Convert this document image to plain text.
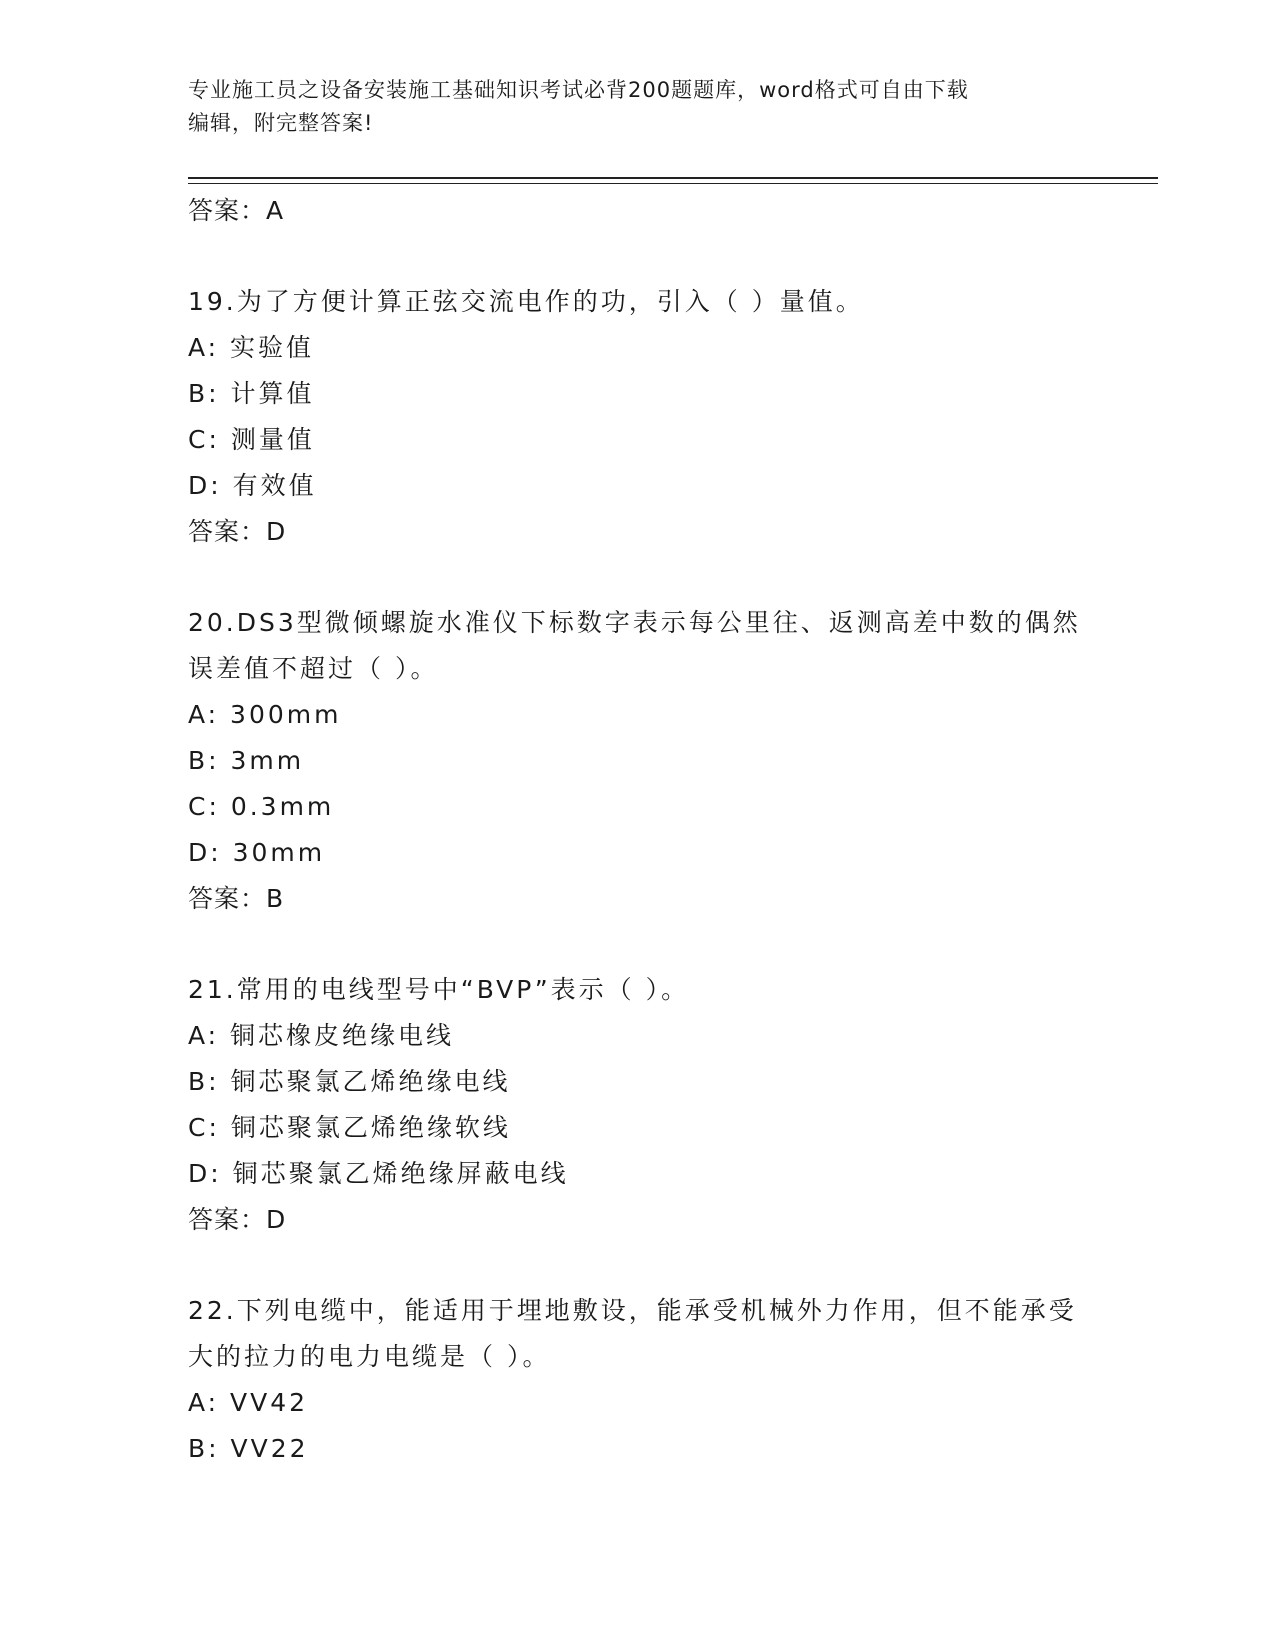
专业施工员之设备安装施工基础知识考试必背200题题库，word格式可自由下载
编辑，附完整答案!
答案：A
19.为了方便计算正弦交流电作的功，引入（ ）量值。
A: 实验值
B: 计算值
C: 测量值
D: 有效值
答案：D
20.DS3型微倾螺旋水准仪下标数字表示每公里往、返测高差中数的偶然误差值不超过（ ）。
A: 300mm
B: 3mm
C: 0.3mm
D: 30mm
答案：B
21.常用的电线型号中“BVP”表示（ ）。
A: 铜芯橡皮绝缘电线
B: 铜芯聚氯乙烯绝缘电线
C: 铜芯聚氯乙烯绝缘软线
D: 铜芯聚氯乙烯绝缘屏蔽电线
答案：D
22.下列电缆中，能适用于埋地敷设，能承受机械外力作用，但不能承受大的拉力的电力电缆是（ ）。
A: VV42
B: VV22
